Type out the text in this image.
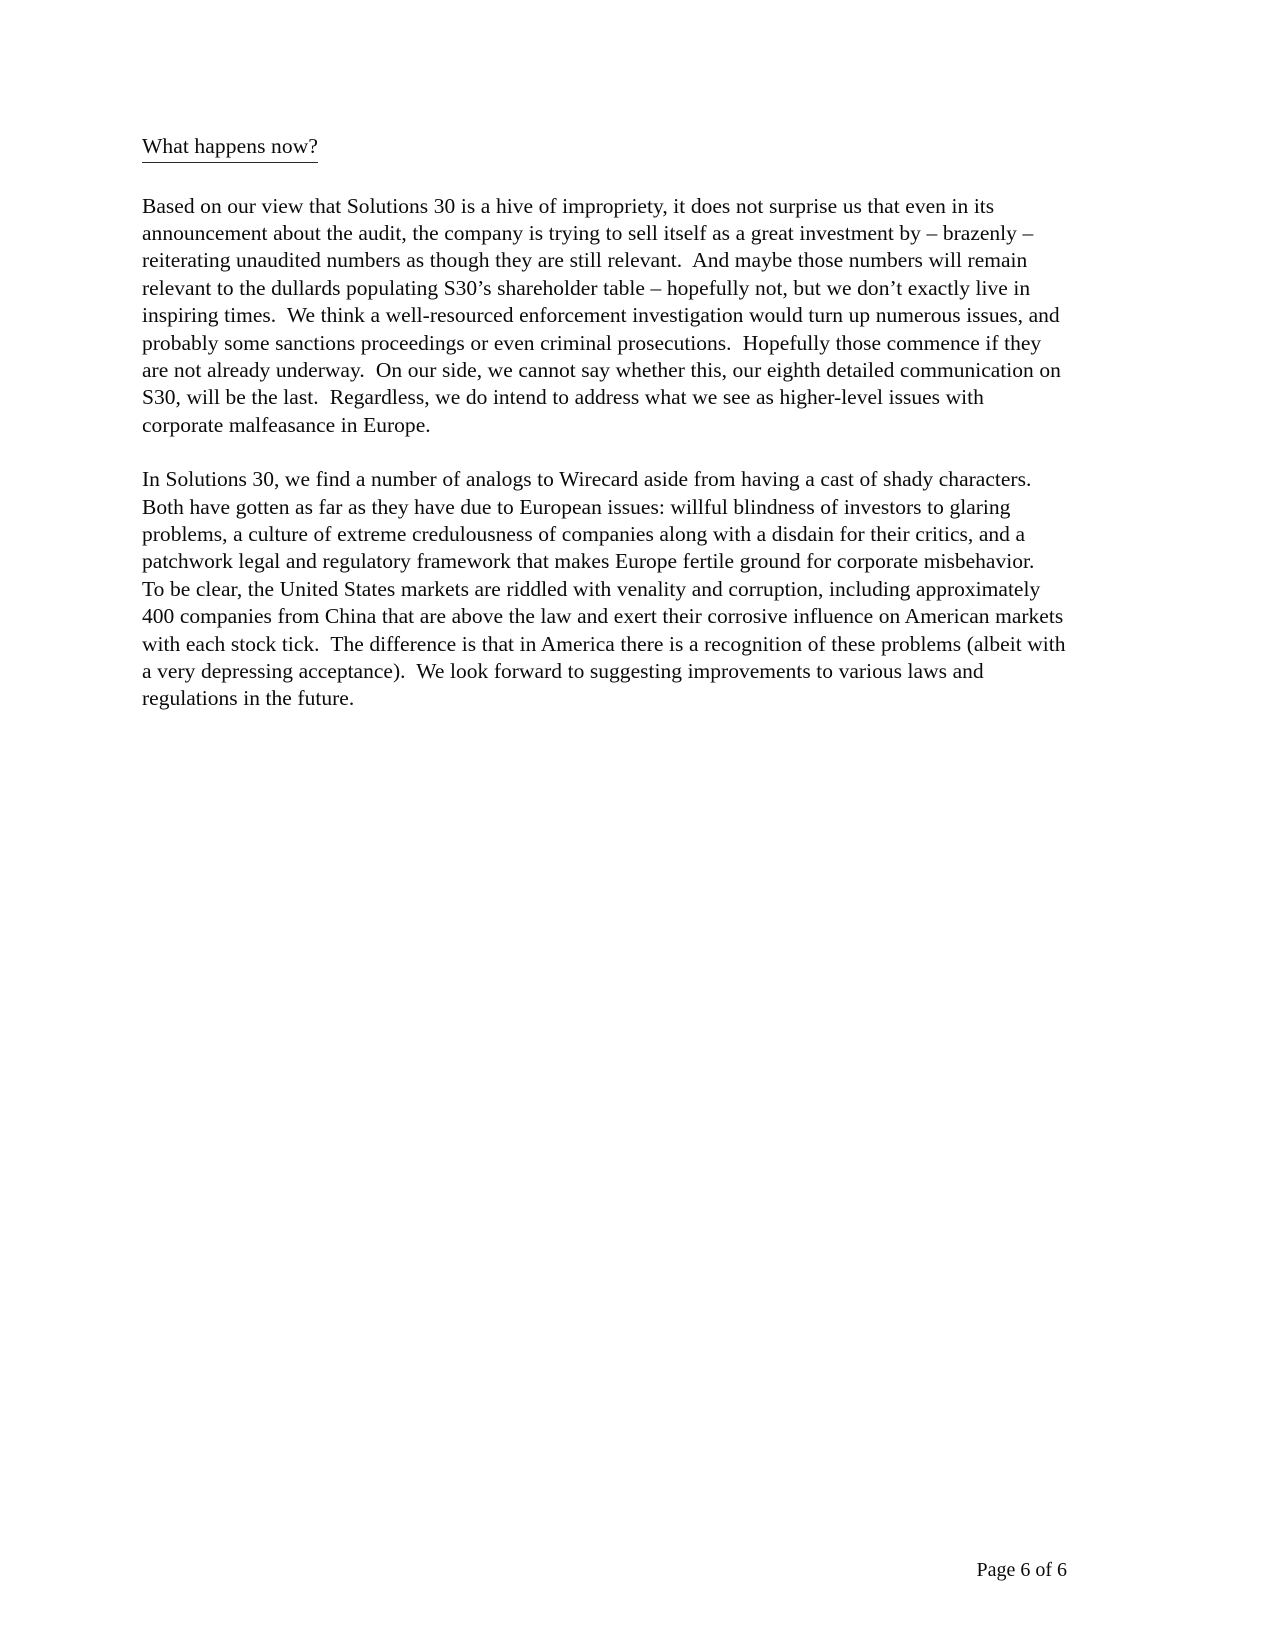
What happens now?

Based on our view that Solutions 30 is a hive of impropriety, it does not surprise us that even in its announcement about the audit, the company is trying to sell itself as a great investment by – brazenly – reiterating unaudited numbers as though they are still relevant.  And maybe those numbers will remain relevant to the dullards populating S30’s shareholder table – hopefully not, but we don’t exactly live in inspiring times.  We think a well-resourced enforcement investigation would turn up numerous issues, and probably some sanctions proceedings or even criminal prosecutions.  Hopefully those commence if they are not already underway.  On our side, we cannot say whether this, our eighth detailed communication on S30, will be the last.  Regardless, we do intend to address what we see as higher-level issues with corporate malfeasance in Europe.

In Solutions 30, we find a number of analogs to Wirecard aside from having a cast of shady characters.  Both have gotten as far as they have due to European issues: willful blindness of investors to glaring problems, a culture of extreme credulousness of companies along with a disdain for their critics, and a patchwork legal and regulatory framework that makes Europe fertile ground for corporate misbehavior.  To be clear, the United States markets are riddled with venality and corruption, including approximately 400 companies from China that are above the law and exert their corrosive influence on American markets with each stock tick.  The difference is that in America there is a recognition of these problems (albeit with a very depressing acceptance).  We look forward to suggesting improvements to various laws and regulations in the future.

Page 6 of 6
